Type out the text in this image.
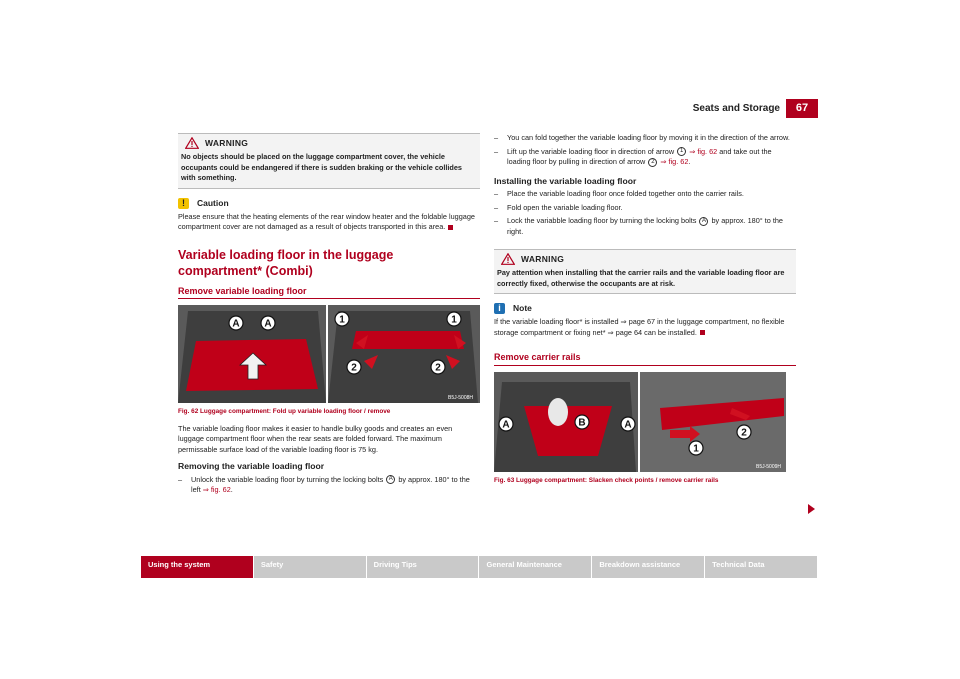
Seats and Storage	67
WARNING
No objects should be placed on the luggage compartment cover, the vehicle occupants could be endangered if there is sudden braking or the vehicle collides with something.
!	Caution
Please ensure that the heating elements of the rear window heater and the foldable luggage compartment cover are not damaged as a result of objects transported in this area.
Variable loading floor in the luggage compartment* (Combi)
Remove variable loading floor
B5J-5008H
A A	1	1
2	2
Fig. 62 Luggage compartment: Fold up variable loading floor / remove
The variable loading floor makes it easier to handle bulky goods and creates an even luggage compartment floor when the rear seats are folded forward. The maximum permissable surface load of the variable loading floor is 75 kg.
Removing the variable loading floor
–	Unlock the variable loading floor by turning the locking bolts A by approx. 180° to the left ⇒ fig. 62.
–	You can fold together the variable loading floor by moving it in the direction of the arrow.
–	Lift up the variable loading floor in direction of arrow 1 ⇒ fig. 62 and take out the loading floor by pulling in direction of arrow 2 ⇒ fig. 62.
Installing the variable loading floor
–	Place the variable loading floor once folded together onto the carrier rails.
–	Fold open the variable loading floor.
–	Lock the variabble loading floor by turning the locking bolts A by approx. 180° to the right.
WARNING
Pay attention when installing that the carrier rails and the variable loading floor are correctly fixed, otherwise the occupants are at risk.
i	Note
If the variable loading floor* is installed ⇒ page 67 in the luggage compartment, no flexible storage compartment or fixing net* ⇒ page 64 can be installed.
Remove carrier rails
B5J-5009H
A	B	A
1
2
Fig. 63 Luggage compartment: Slacken check points / remove carrier rails
Using the system	Safety	Driving Tips	General Maintenance	Breakdown assistance	Technical Data
